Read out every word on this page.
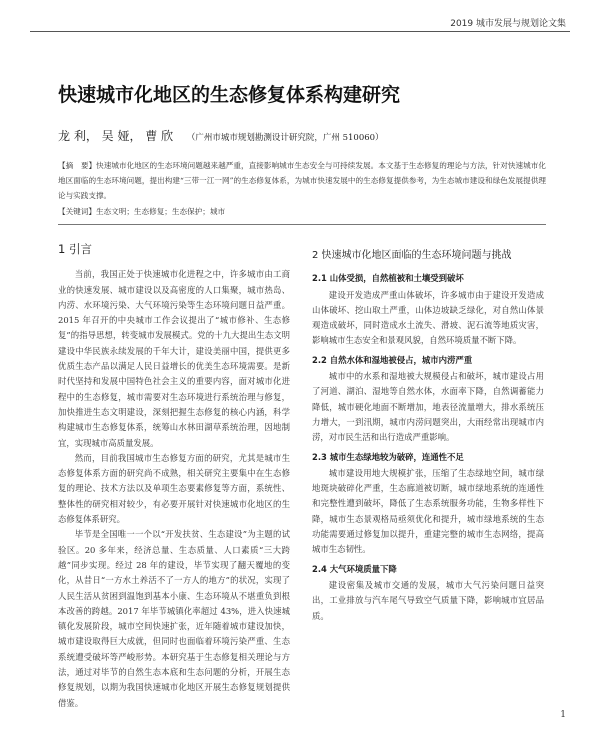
2019 城市发展与规划论文集
快速城市化地区的生态修复体系构建研究
龙 利， 吴 娅， 曹 欣 （广州市城市规划勘测设计研究院，广州 510060）
【摘　要】快速城市化地区的生态环境问题越来越严重，直接影响城市生态安全与可持续发展。本文基于生态修复的理论与方法，针对快速城市化地区面临的生态环境问题，提出构建“三带一江一网”的生态修复体系，为城市快速发展中的生态修复提供参考，为生态城市建设和绿色发展提供理论与实践支撑。
【关键词】生态文明；生态修复；生态保护；城市
1 引言

当前，我国正处于快速城市化进程之中，许多城市由工商业的快速发展、城市建设以及高密度的人口集聚，城市热岛、内涝、水环境污染、大气环境污染等生态环境问题日益严重。2015 年召开的中央城市工作会议提出了“城市修补、生态修复”的指导思想，转变城市发展模式。党的十九大提出生态文明建设中华民族永续发展的千年大计，建设美丽中国，提供更多优质生态产品以满足人民日益增长的优美生态环境需要。是新时代坚持和发展中国特色社会主义的重要内容，面对城市化进程中的生态修复，城市需要对生态环境进行系统治理与修复，加快推进生态文明建设，深刻把握生态修复的核心内涵，科学构建城市生态修复体系，统筹山水林田湖草系统治理，因地制宜，实现城市高质量发展。

然而，目前我国城市生态修复方面的研究，尤其是城市生态修复体系方面的研究尚不成熟，相关研究主要集中在生态修复的理论、技术方法以及单项生态要素修复等方面，系统性、整体性的研究相对较少，有必要开展针对快速城市化地区的生态修复体系研究。

毕节是全国唯一一个以“开发扶贫、生态建设”为主题的试验区。20 多年来，经济总量、生态质量、人口素质“三大跨越”同步实现。经过 28 年的建设，毕节实现了翻天覆地的变化，从昔日“一方水土养活不了一方人的地方”的状况，实现了人民生活从贫困到温饱到基本小康、生态环境从不堪重负到根本改善的跨越。2017 年毕节城镇化率超过 43%，进入快速城镇化发展阶段，城市空间快速扩张，近年随着城市建设加快，城市建设取得巨大成就，但同时也面临着环境污染严重、生态系统遭受破坏等严峻形势。本研究基于生态修复相关理论与方法，通过对毕节的自然生态本底和生态问题的分析，开展生态修复规划，以期为我国快速城市化地区开展生态修复规划提供借鉴。

2 快速城市化地区面临的生态环境问题与挑战
2.1 山体受损，自然植被和土壤受到破坏

建设开发造成严重山体破坏，许多城市由于建设开发造成山体破坏、挖山取土严重，山体边坡缺乏绿化，对自然山体景观造成破坏，同时造成水土流失、滑坡、泥石流等地质灾害，影响城市生态安全和景观风貌，自然环境质量不断下降。

2.2 自然水体和湿地被侵占，城市内涝严重

城市中的水系和湿地被大规模侵占和破坏，城市建设占用了河道、湖泊、湿地等自然水体，水面率下降，自然调蓄能力降低，城市硬化地面不断增加，地表径流量增大，排水系统压力增大，一到汛期，城市内涝问题突出，大雨经常出现城市内涝，对市民生活和出行造成严重影响。

2.3 城市生态绿地较为破碎，连通性不足

城市建设用地大规模扩张，压缩了生态绿地空间，城市绿地斑块破碎化严重，生态廊道被切断，城市绿地系统的连通性和完整性遭到破坏，降低了生态系统服务功能，生物多样性下降，城市生态景观格局亟须优化和提升，城市绿地系统的生态功能需要通过修复加以提升，重建完整的城市生态网络，提高城市生态韧性。

2.4 大气环境质量下降

建设密集及城市交通的发展，城市大气污染问题日益突出，工业排放与汽车尾气导致空气质量下降，影响城市宜居品质。

1
